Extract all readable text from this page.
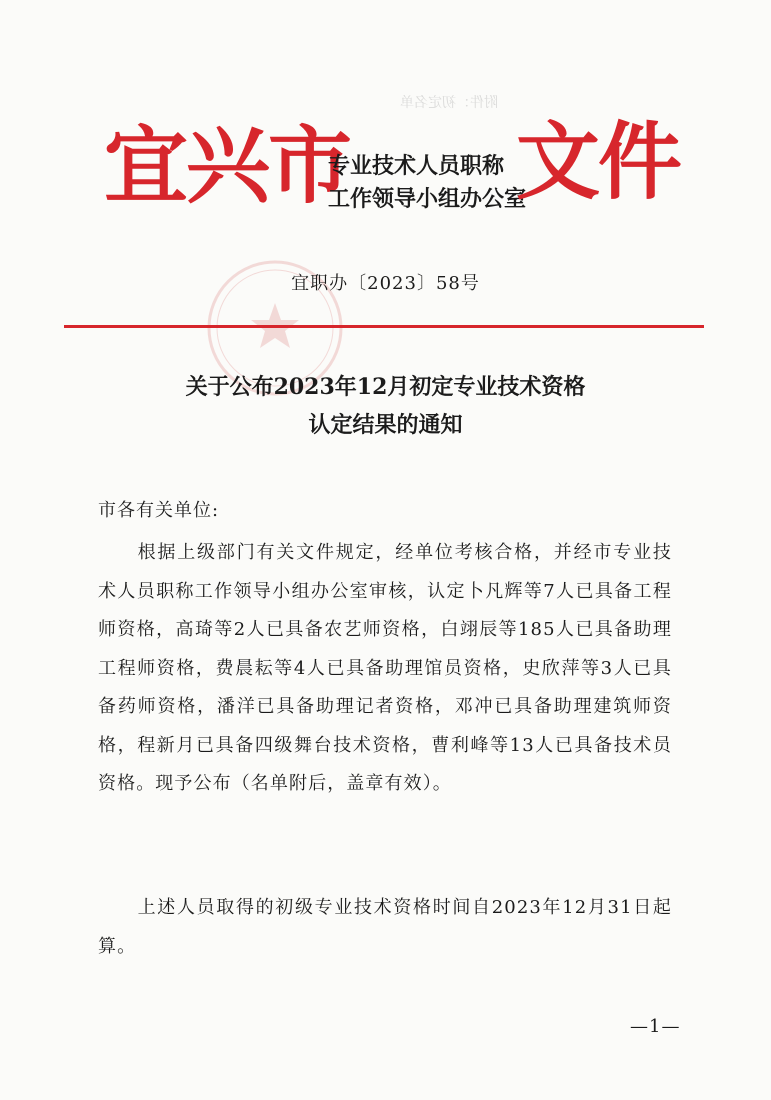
附件：初定名单
宜兴市
专业技术人员职称
工作领导小组办公室
文件
宜职办〔2023〕58号
关于公布2023年12月初定专业技术资格
认定结果的通知
市各有关单位:

根据上级部门有关文件规定，经单位考核合格，并经市专业技术人员职称工作领导小组办公室审核，认定卜凡辉等7人已具备工程师资格，高琦等2人已具备农艺师资格，白翊辰等185人已具备助理工程师资格，费晨耘等4人已具备助理馆员资格，史欣萍等3人已具备药师资格，潘洋已具备助理记者资格，邓冲已具备助理建筑师资格，程新月已具备四级舞台技术资格，曹利峰等13人已具备技术员资格。现予公布（名单附后，盖章有效）。

上述人员取得的初级专业技术资格时间自2023年12月31日起算。

—1—
